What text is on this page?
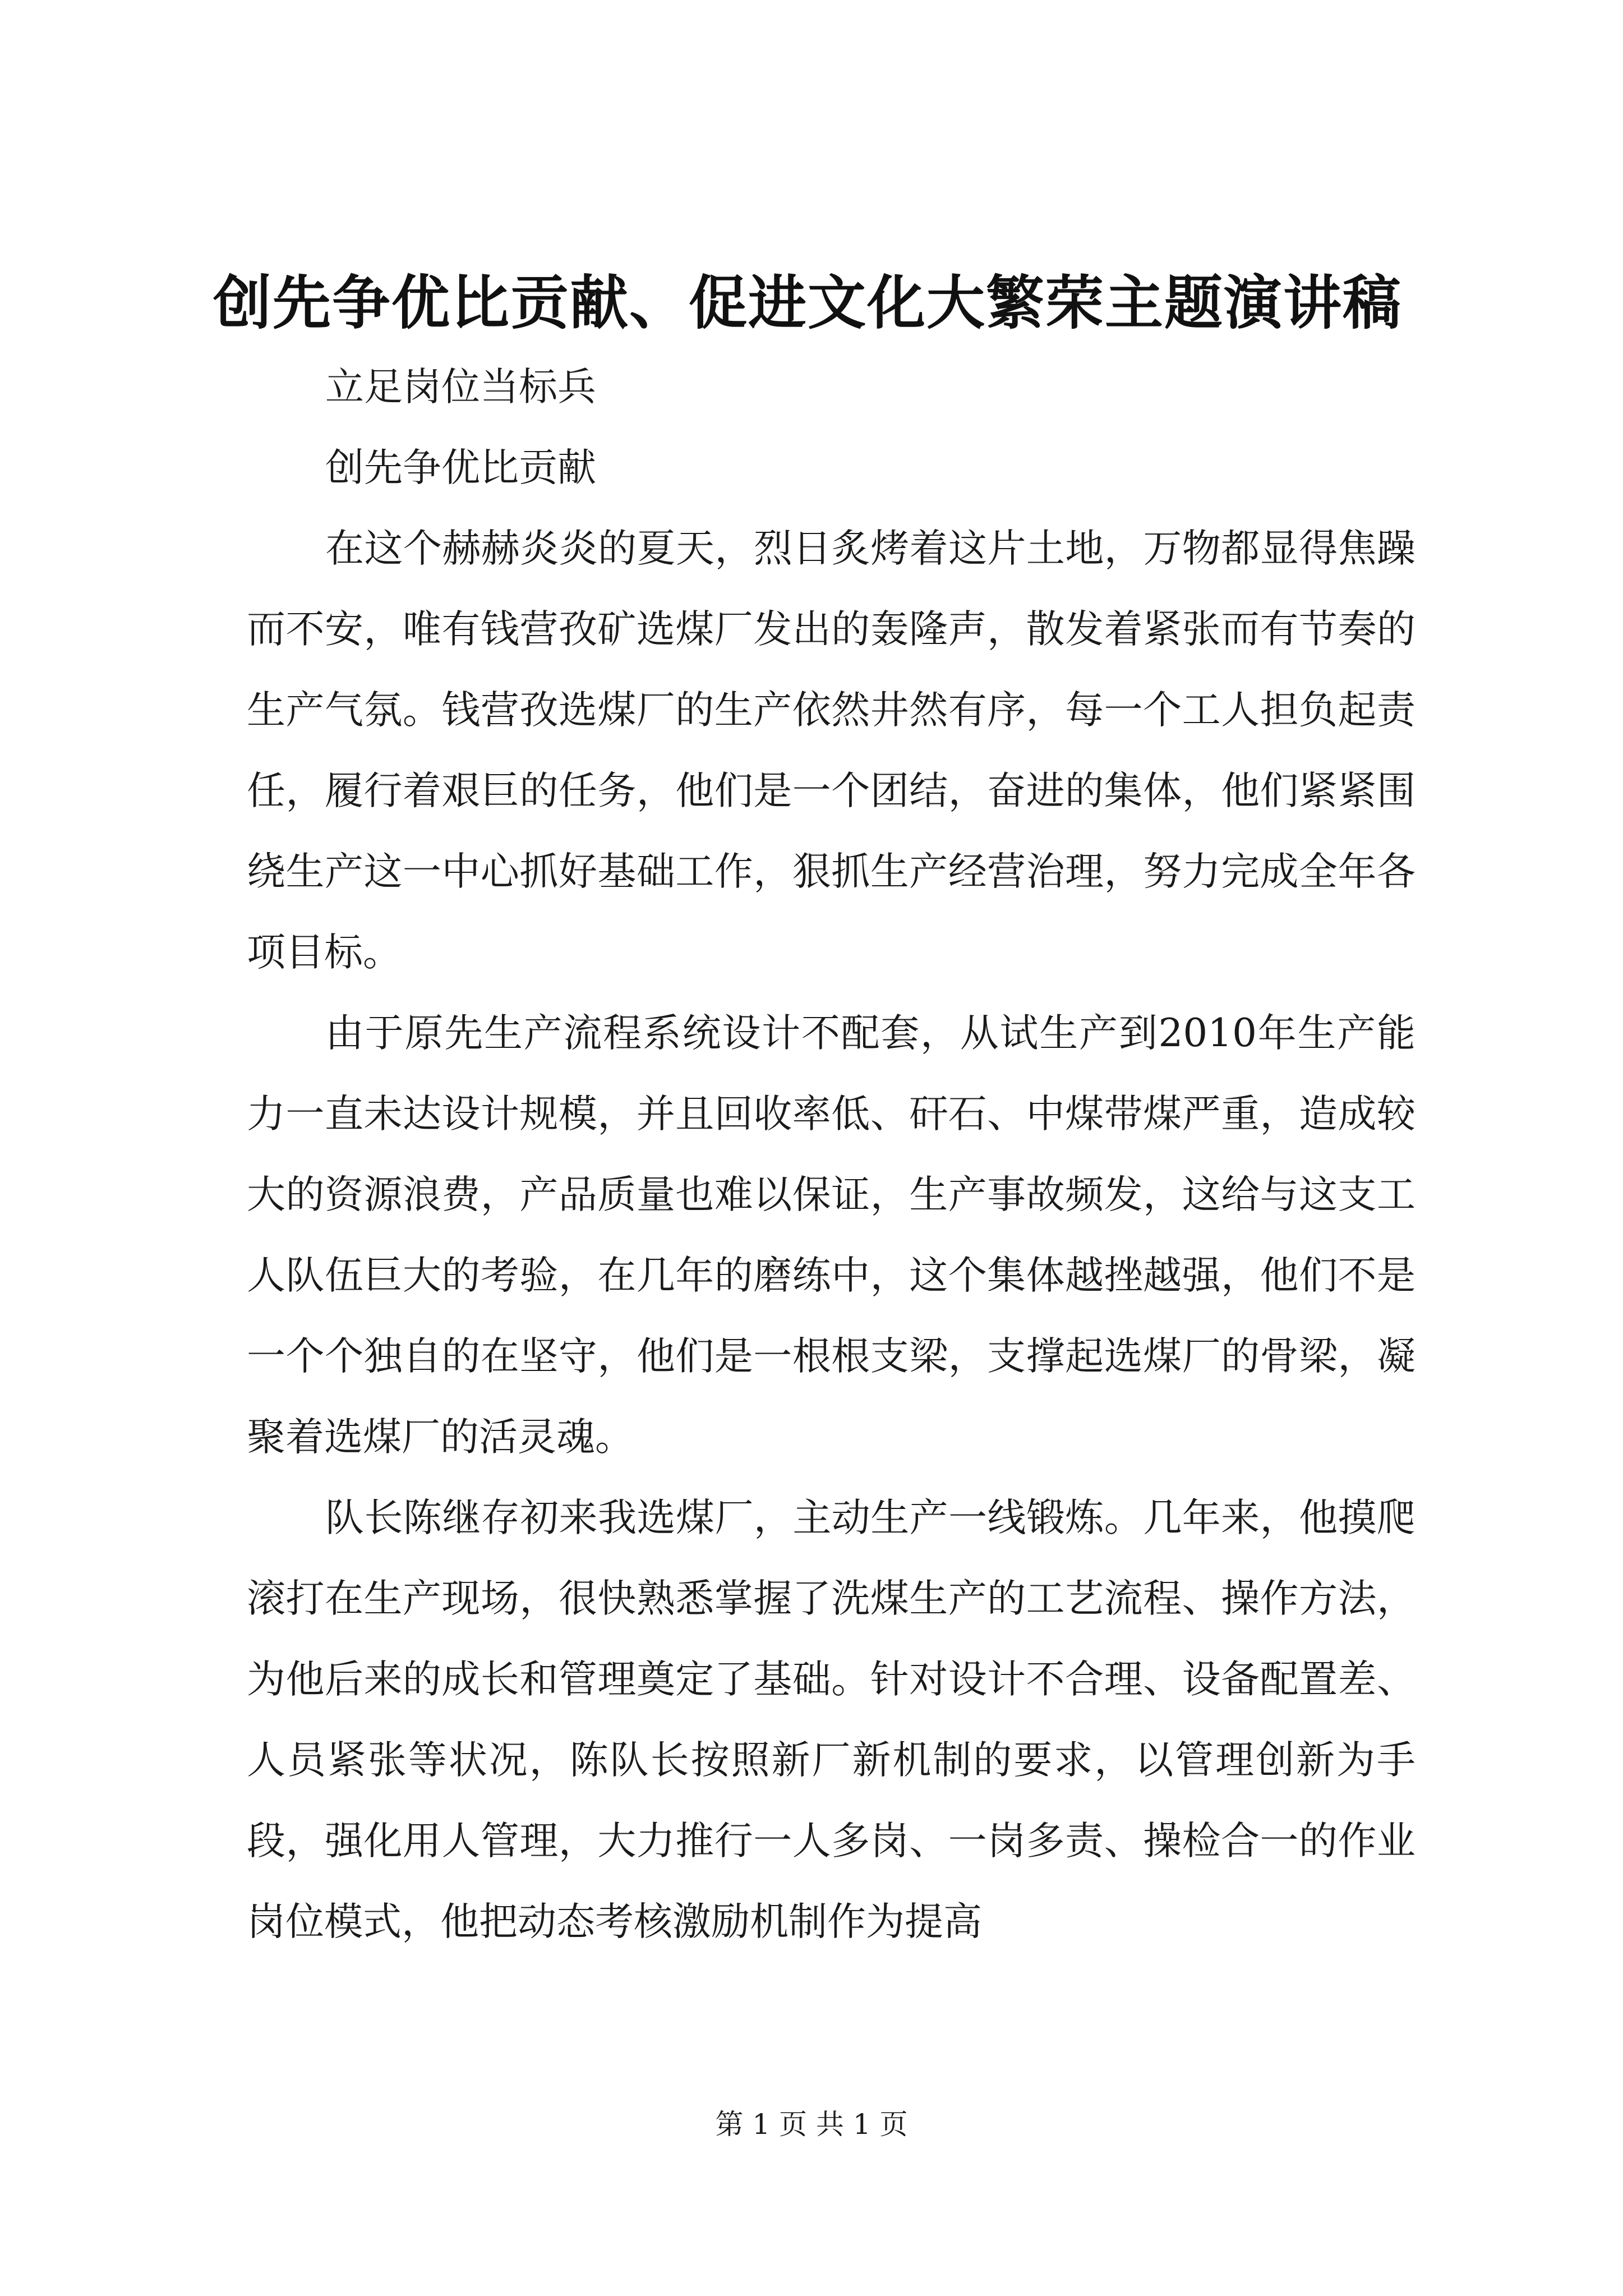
创先争优比贡献、促进文化大繁荣主题演讲稿

立足岗位当标兵

创先争优比贡献

在这个赫赫炎炎的夏天，烈日炙烤着这片土地，万物都显得焦躁而不安，唯有钱营孜矿选煤厂发出的轰隆声，散发着紧张而有节奏的生产气氛。钱营孜选煤厂的生产依然井然有序，每一个工人担负起责任，履行着艰巨的任务，他们是一个团结，奋进的集体，他们紧紧围绕生产这一中心抓好基础工作，狠抓生产经营治理，努力完成全年各项目标。

由于原先生产流程系统设计不配套，从试生产到2010年生产能力一直未达设计规模，并且回收率低、矸石、中煤带煤严重，造成较大的资源浪费，产品质量也难以保证，生产事故频发，这给与这支工人队伍巨大的考验，在几年的磨练中，这个集体越挫越强，他们不是一个个独自的在坚守，他们是一根根支梁，支撑起选煤厂的骨梁，凝聚着选煤厂的活灵魂。

队长陈继存初来我选煤厂，主动生产一线锻炼。几年来，他摸爬滚打在生产现场，很快熟悉掌握了洗煤生产的工艺流程、操作方法，为他后来的成长和管理奠定了基础。针对设计不合理、设备配置差、人员紧张等状况，陈队长按照新厂新机制的要求，以管理创新为手段，强化用人管理，大力推行一人多岗、一岗多责、操检合一的作业岗位模式，他把动态考核激励机制作为提高

第 1 页 共 1 页
